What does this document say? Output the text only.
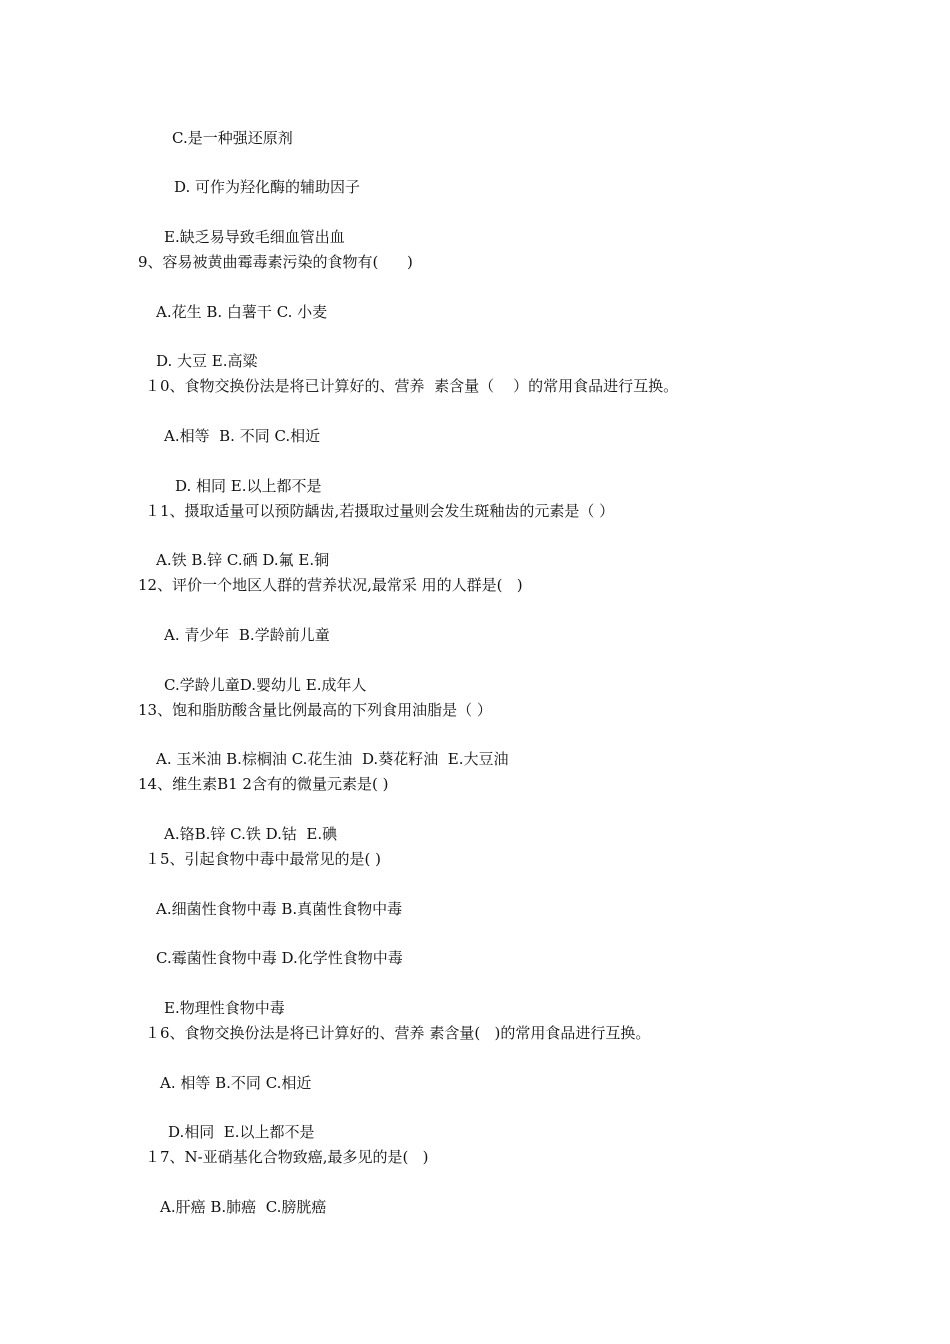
C.是一种强还原剂
D. 可作为羟化酶的辅助因子
E.缺乏易导致毛细血管出血
9、容易被黄曲霉毒素污染的食物有(      )
A.花生 B. 白薯干 C. 小麦
D. 大豆 E.高粱
１0、食物交换份法是将已计算好的、营养  素含量（    ）的常用食品进行互换。
A.相等  B. 不同 C.相近
D. 相同 E.以上都不是
１1、摄取适量可以预防龋齿,若摄取过量则会发生斑釉齿的元素是（ ）
A.铁 B.锌 C.硒 D.氟 E.铜
12、评价一个地区人群的营养状况,最常采 用的人群是(   )
A. 青少年  B.学龄前儿童
C.学龄儿童D.婴幼儿 E.成年人
13、饱和脂肪酸含量比例最高的下列食用油脂是（ ）
A. 玉米油 B.棕榈油 C.花生油  D.葵花籽油  E.大豆油
14、维生素B1 2含有的微量元素是( )
A.铬B.锌 C.铁 D.钴  E.碘
１5、引起食物中毒中最常见的是( )
A.细菌性食物中毒 B.真菌性食物中毒
C.霉菌性食物中毒 D.化学性食物中毒
E.物理性食物中毒
１6、食物交换份法是将已计算好的、营养 素含量(   )的常用食品进行互换。
A. 相等 B.不同 C.相近
D.相同  E.以上都不是
１7、N-亚硝基化合物致癌,最多见的是(   )
A.肝癌 B.肺癌  C.膀胱癌
